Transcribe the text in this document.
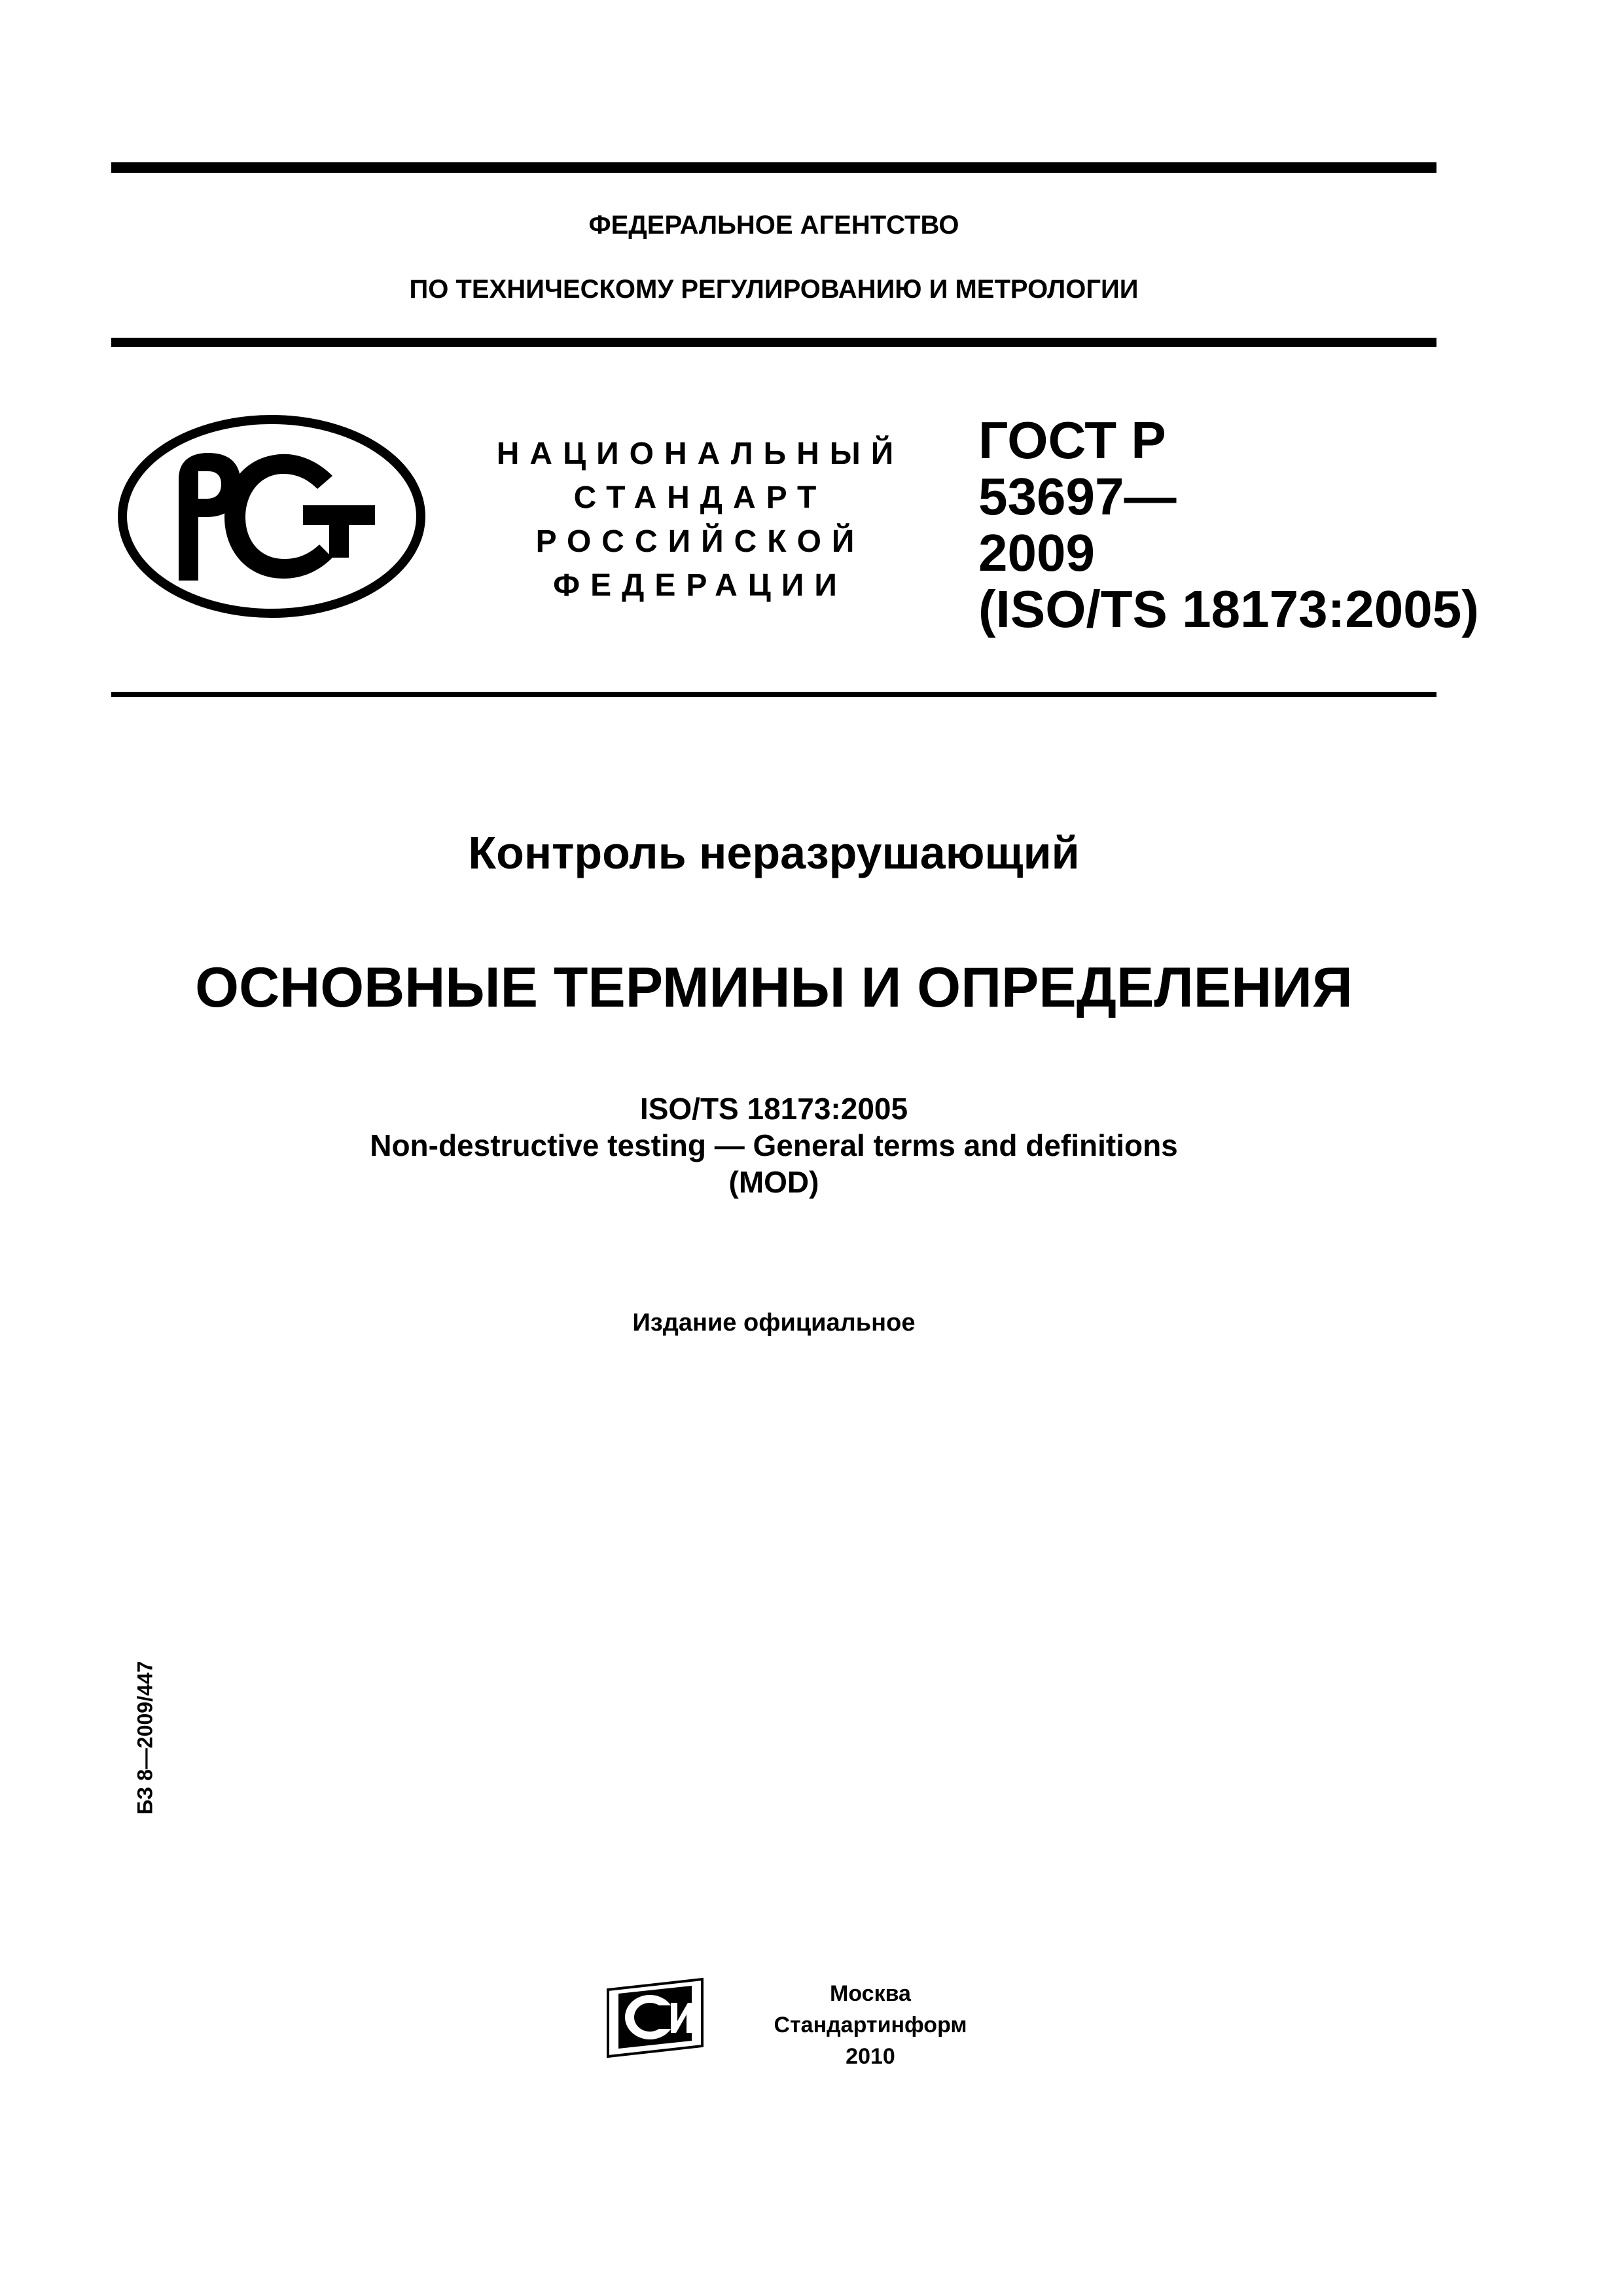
ФЕДЕРАЛЬНОЕ АГЕНТСТВО
ПО ТЕХНИЧЕСКОМУ РЕГУЛИРОВАНИЮ И МЕТРОЛОГИИ
НАЦИОНАЛЬНЫЙ
СТАНДАРТ
РОССИЙСКОЙ
ФЕДЕРАЦИИ
ГОСТ Р
53697—
2009
(ISO/TS 18173:2005)
Контроль неразрушающий
ОСНОВНЫЕ ТЕРМИНЫ И ОПРЕДЕЛЕНИЯ
ISO/TS 18173:2005
Non-destructive testing — General terms and definitions
(MOD)
Издание официальное
БЗ 8—2009/447
Москва
Стандартинформ
2010
